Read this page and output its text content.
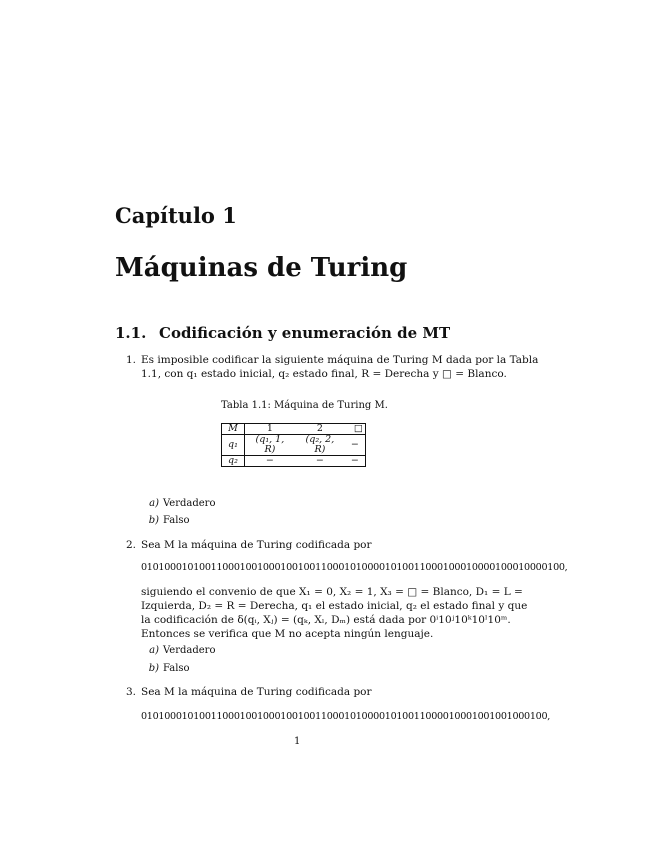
Capítulo 1
Máquinas de Turing
1.1. Codificación y enumeración de MT
1. Es imposible codificar la siguiente máquina de Turing M dada por la Tabla
1.1, con q₁ estado inicial, q₂ estado final, R = Derecha y □ = Blanco.
Tabla 1.1: Máquina de Turing M.
M	1	2	□
q₁	(q₁, 1, R)	(q₂, 2, R)	−
q₂	−	−	−
a) Verdadero
b) Falso
2. Sea M la máquina de Turing codificada por
0101000101001100010010001001001100010100001010011000100010000100010000100,
siguiendo el convenio de que X₁ = 0, X₂ = 1, X₃ = □ = Blanco, D₁ = L =
Izquierda, D₂ = R = Derecha, q₁ el estado inicial, q₂ el estado final y que
la codificación de δ(qᵢ, Xⱼ) = (qₖ, Xₗ, Dₘ) está dada por 0ⁱ10ʲ10ᵏ10ˡ10ᵐ.
Entonces se verifica que M no acepta ningún lenguaje.
a) Verdadero
b) Falso
3. Sea M la máquina de Turing codificada por
0101000101001100010010001001001100010100001010011000010001001001000100,
1
